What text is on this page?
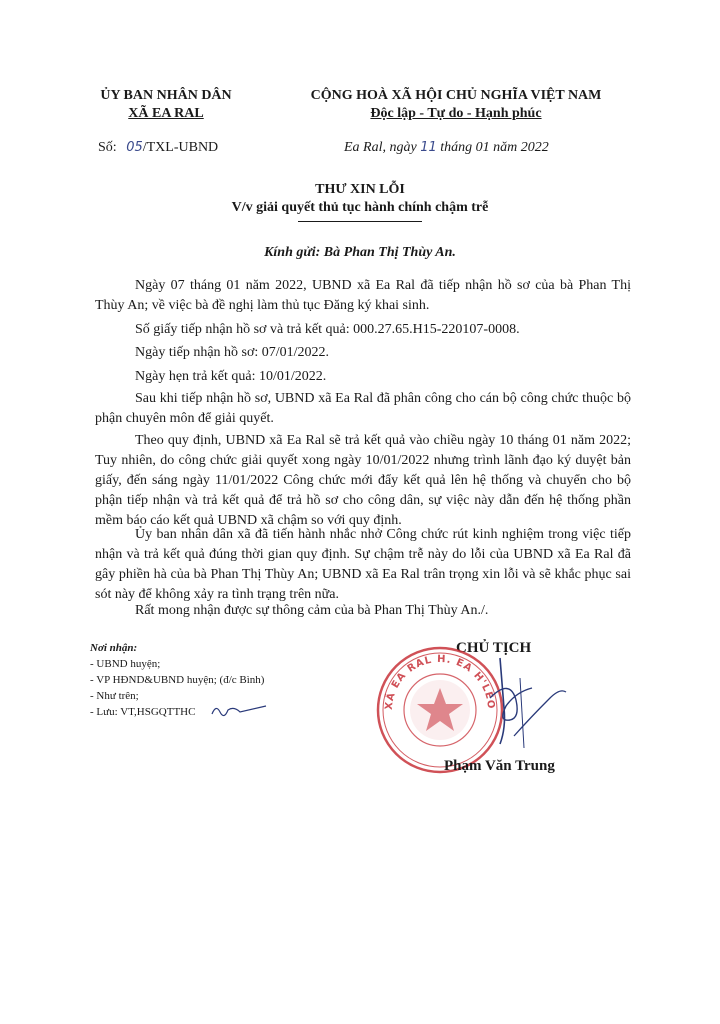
ỦY BAN NHÂN DÂN
XÃ EA RAL
Số: 05/TXL-UBND
CỘNG HOÀ XÃ HỘI CHỦ NGHĨA VIỆT NAM
Độc lập - Tự do - Hạnh phúc
Ea Ral, ngày 11 tháng 01 năm 2022
THƯ XIN LỖI
V/v giải quyết thủ tục hành chính chậm trễ
Kính gửi: Bà Phan Thị Thùy An.
Ngày 07 tháng 01 năm 2022, UBND xã Ea Ral đã tiếp nhận hồ sơ của bà Phan Thị Thùy An; về việc bà đề nghị làm thủ tục Đăng ký khai sinh.
Số giấy tiếp nhận hồ sơ và trả kết quả: 000.27.65.H15-220107-0008.
Ngày tiếp nhận hồ sơ: 07/01/2022.
Ngày hẹn trả kết quả: 10/01/2022.
Sau khi tiếp nhận hồ sơ, UBND xã Ea Ral đã phân công cho cán bộ công chức thuộc bộ phận chuyên môn để giải quyết.
Theo quy định, UBND xã Ea Ral sẽ trả kết quả vào chiều ngày 10 tháng 01 năm 2022; Tuy nhiên, do công chức giải quyết xong ngày 10/01/2022 nhưng trình lãnh đạo ký duyệt bản giấy, đến sáng ngày 11/01/2022 Công chức mới đẩy kết quả lên hệ thống và chuyển cho bộ phận tiếp nhận và trả kết quả để trả hồ sơ cho công dân, sự việc này dẫn đến hệ thống phần mềm báo cáo kết quả UBND xã chậm so với quy định.
Ủy ban nhân dân xã đã tiến hành nhắc nhở Công chức rút kinh nghiệm trong việc tiếp nhận và trả kết quả đúng thời gian quy định. Sự chậm trễ này do lỗi của UBND xã Ea Ral đã gây phiền hà của bà Phan Thị Thùy An; UBND xã Ea Ral trân trọng xin lỗi và sẽ khắc phục sai sót này để không xảy ra tình trạng trên nữa.
Rất mong nhận được sự thông cảm của bà Phan Thị Thùy An./.
Nơi nhận:
- UBND huyện;
- VP HĐND&UBND huyện; (đ/c Bình)
- Như trên;
- Lưu: VT,HSGQTTHC
CHỦ TỊCH
XÃ EA RAL H. EA H'LEO
Phạm Văn Trung
